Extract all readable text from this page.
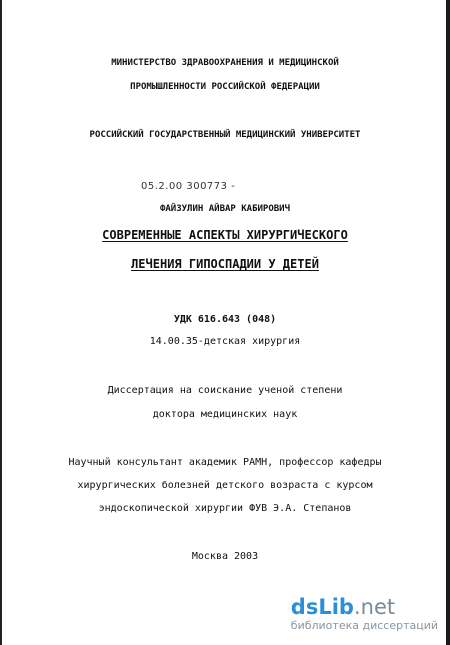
МИНИСТЕРСТВО ЗДРАВООХРАНЕНИЯ И МЕДИЦИНСКОЙ
ПРОМЫШЛЕННОСТИ РОССИЙСКОЙ ФЕДЕРАЦИИ
РОССИЙСКИЙ ГОСУДАРСТВЕННЫЙ МЕДИЦИНСКИЙ УНИВЕРСИТЕТ
05.2.00 300773 -
ФАЙЗУЛИН АЙВАР КАБИРОВИЧ
СОВРЕМЕННЫЕ АСПЕКТЫ ХИРУРГИЧЕСКОГО
ЛЕЧЕНИЯ ГИПОСПАДИИ У ДЕТЕЙ
УДК 616.643 (048)
14.00.35-детская хирургия
Диссертация на соискание ученой степени
доктора медицинских наук
Научный консультант академик РАМН, профессор кафедры
хирургических болезней детского возраста с курсом
эндоскопической хирургии ФУВ Э.А. Степанов
Москва 2003
dsLib.net
библиотека диссертаций
